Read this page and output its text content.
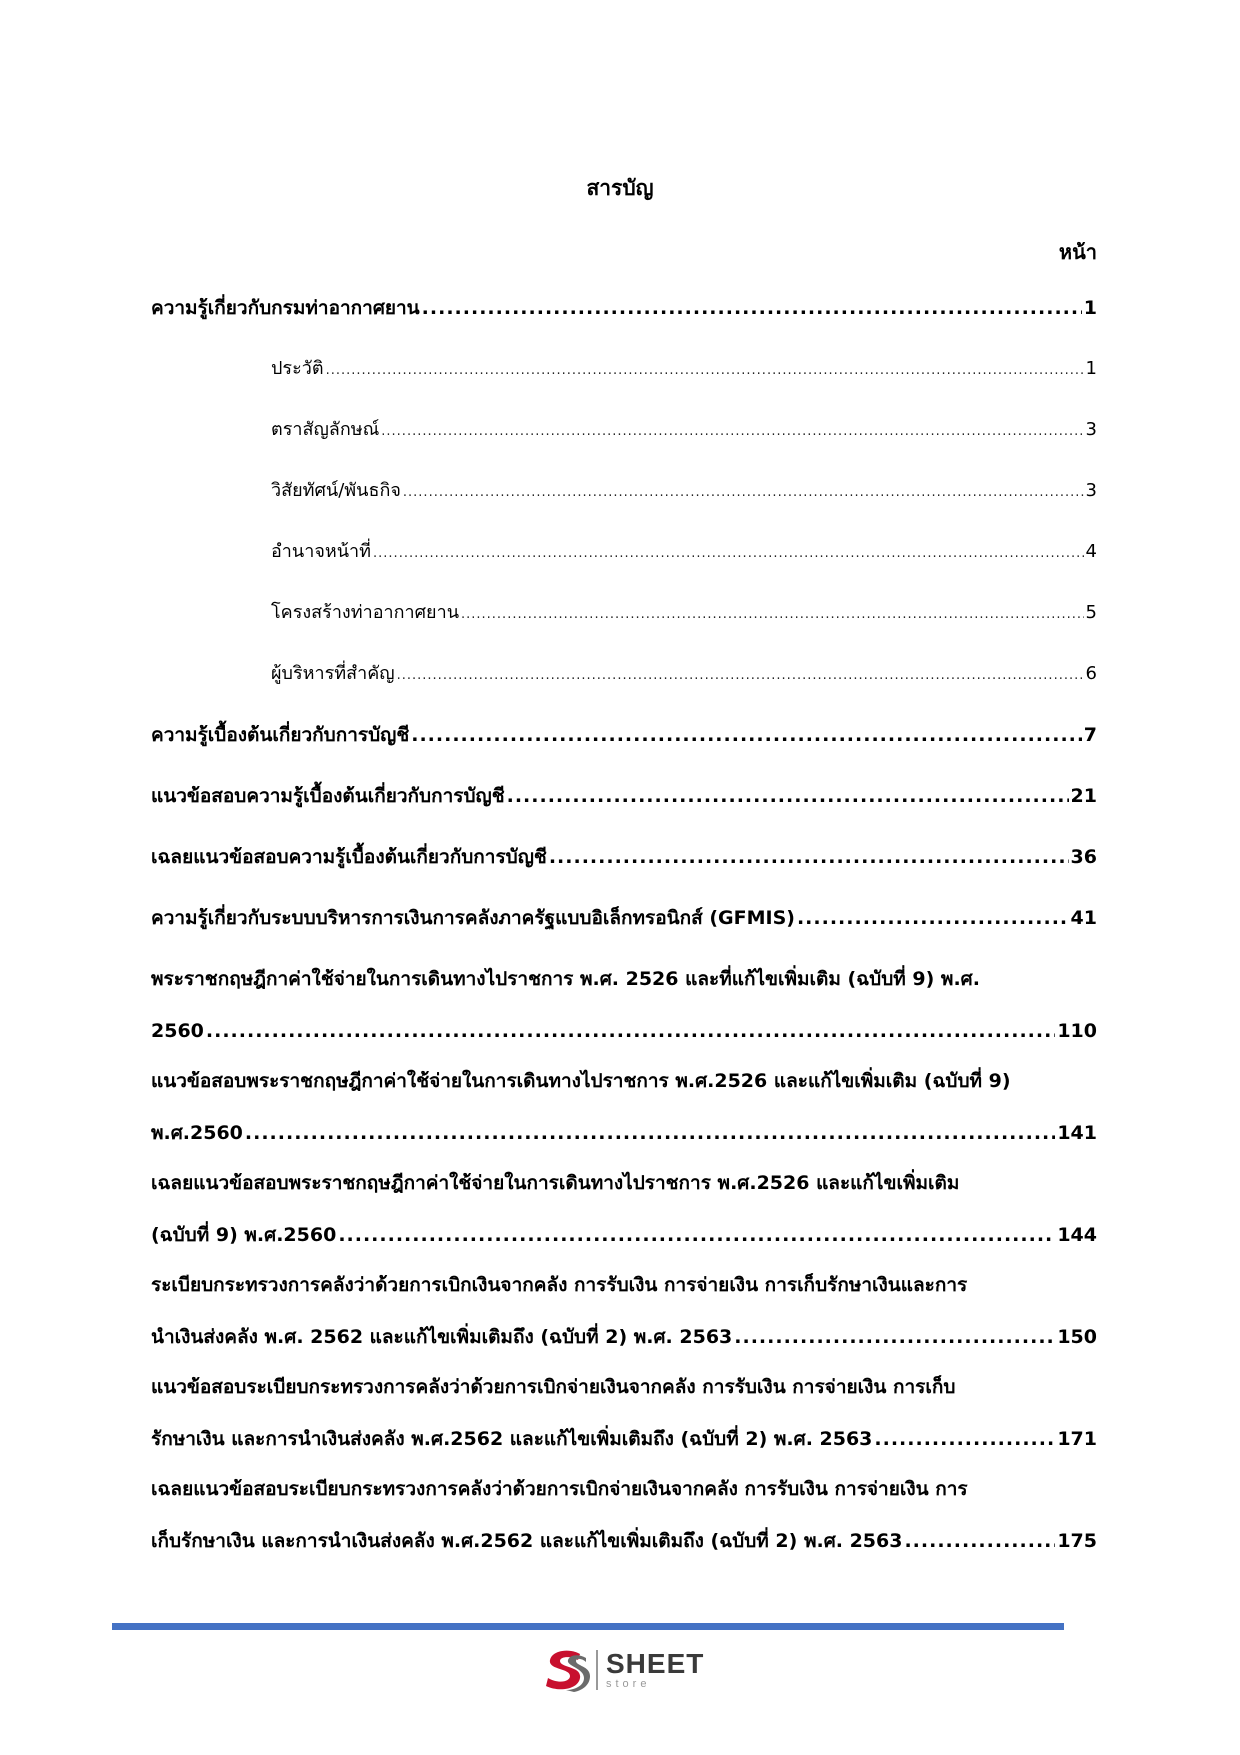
สารบัญ
หน้า
ความรู้เกี่ยวกับกรมท่าอากาศยาน .....	1
ประวัติ .....	1
ตราสัญลักษณ์ .....	3
วิสัยทัศน์/พันธกิจ .....	3
อำนาจหน้าที่ .....	4
โครงสร้างท่าอากาศยาน .....	5
ผู้บริหารที่สำคัญ .....	6
ความรู้เบื้องต้นเกี่ยวกับการบัญชี .....	7
แนวข้อสอบความรู้เบื้องต้นเกี่ยวกับการบัญชี .....	21
เฉลยแนวข้อสอบความรู้เบื้องต้นเกี่ยวกับการบัญชี .....	36
ความรู้เกี่ยวกับระบบบริหารการเงินการคลังภาครัฐแบบอิเล็กทรอนิกส์ (GFMIS) .....	41
พระราชกฤษฎีกาค่าใช้จ่ายในการเดินทางไปราชการ พ.ศ. 2526 และที่แก้ไขเพิ่มเติม (ฉบับที่ 9) พ.ศ.
2560 .....	110
แนวข้อสอบพระราชกฤษฎีกาค่าใช้จ่ายในการเดินทางไปราชการ พ.ศ.2526 และแก้ไขเพิ่มเติม (ฉบับที่ 9)
พ.ศ.2560 .....	141
เฉลยแนวข้อสอบพระราชกฤษฎีกาค่าใช้จ่ายในการเดินทางไปราชการ พ.ศ.2526 และแก้ไขเพิ่มเติม
(ฉบับที่ 9) พ.ศ.2560 .....	144
ระเบียบกระทรวงการคลังว่าด้วยการเบิกเงินจากคลัง การรับเงิน การจ่ายเงิน การเก็บรักษาเงินและการ
นำเงินส่งคลัง พ.ศ. 2562 และแก้ไขเพิ่มเติมถึง (ฉบับที่ 2) พ.ศ. 2563 .....	150
แนวข้อสอบระเบียบกระทรวงการคลังว่าด้วยการเบิกจ่ายเงินจากคลัง การรับเงิน การจ่ายเงิน การเก็บ
รักษาเงิน และการนำเงินส่งคลัง พ.ศ.2562 และแก้ไขเพิ่มเติมถึง (ฉบับที่ 2) พ.ศ. 2563 .....	171
เฉลยแนวข้อสอบระเบียบกระทรวงการคลังว่าด้วยการเบิกจ่ายเงินจากคลัง การรับเงิน การจ่ายเงิน การ
เก็บรักษาเงิน และการนำเงินส่งคลัง พ.ศ.2562 และแก้ไขเพิ่มเติมถึง (ฉบับที่ 2) พ.ศ. 2563 .....	175
SHEET
store
